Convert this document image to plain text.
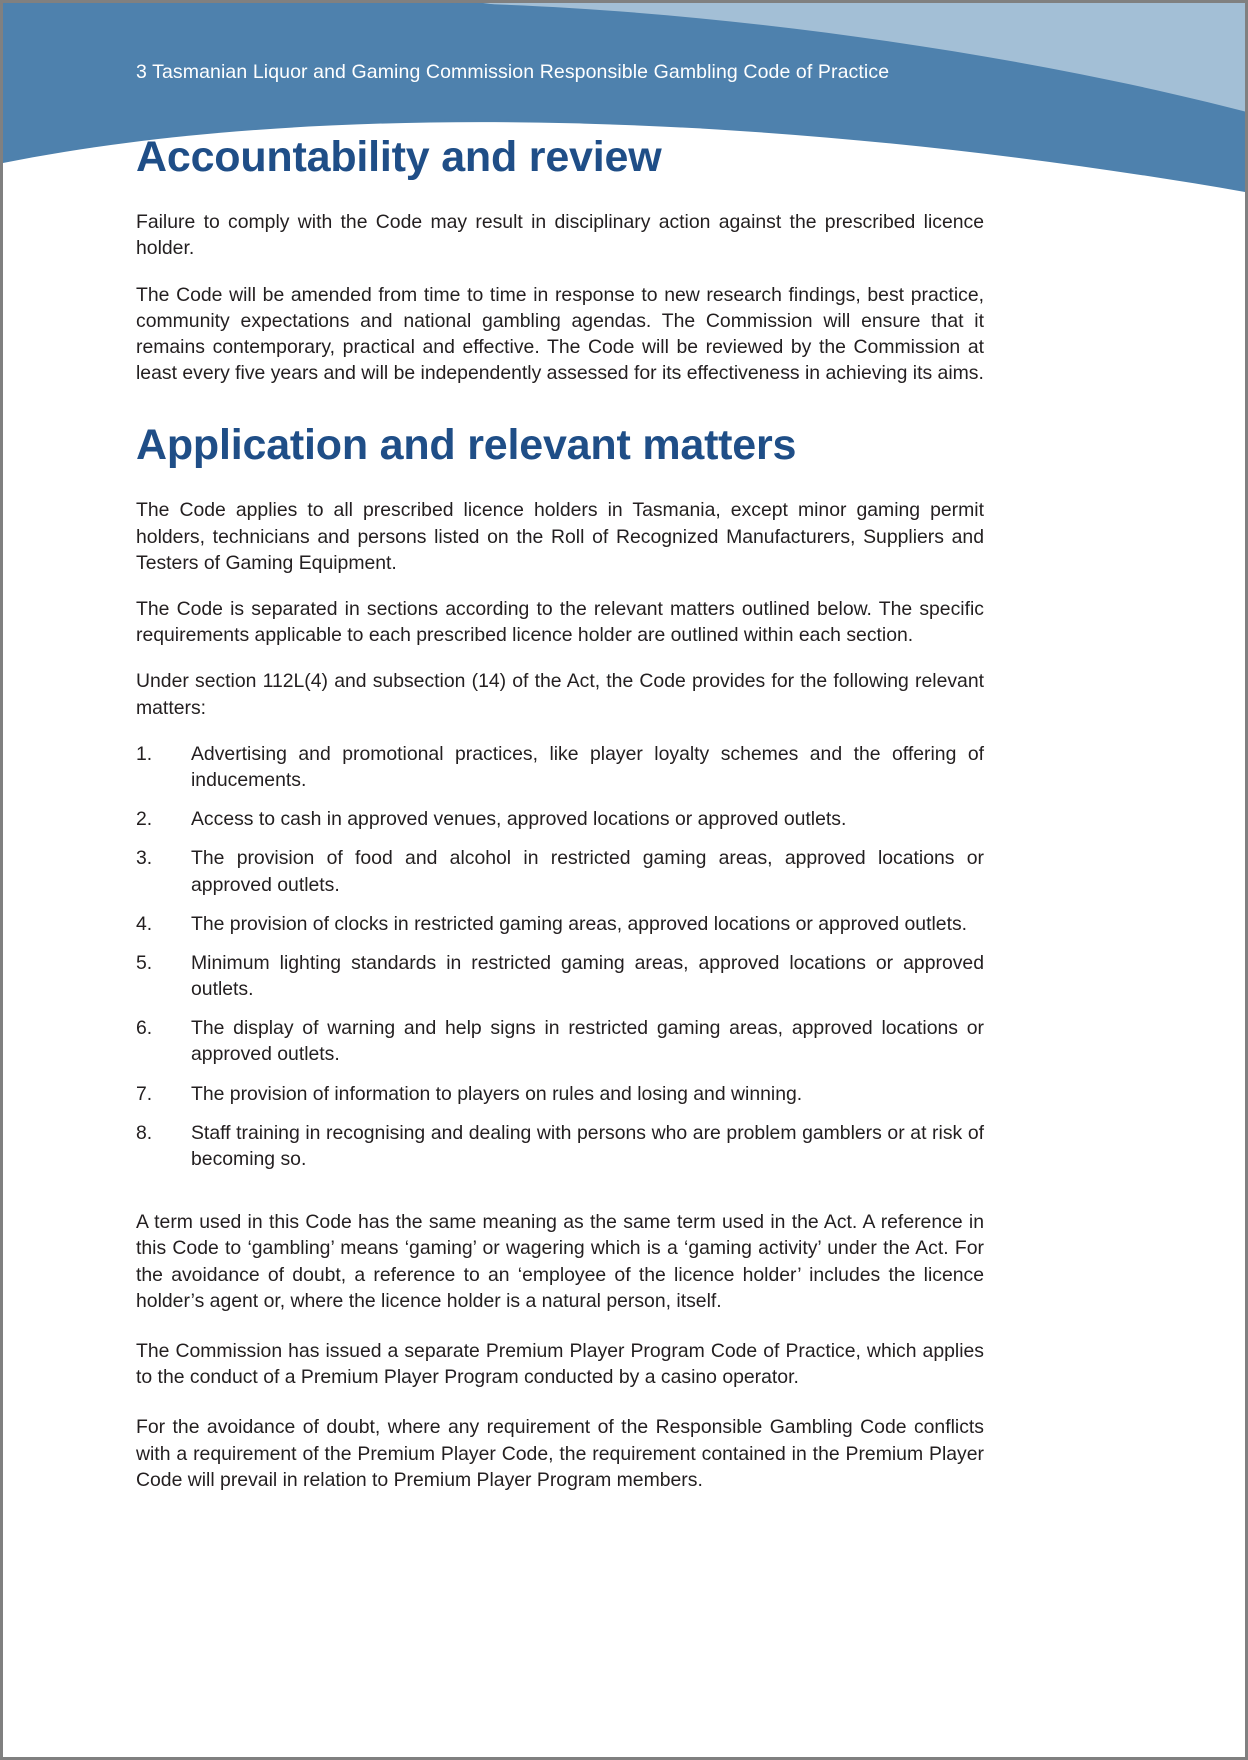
3 Tasmanian Liquor and Gaming Commission Responsible Gambling Code of Practice
Accountability and review

Failure to comply with the Code may result in disciplinary action against the prescribed licence holder.

The Code will be amended from time to time in response to new research findings, best practice, community expectations and national gambling agendas. The Commission will ensure that it remains contemporary, practical and effective. The Code will be reviewed by the Commission at least every five years and will be independently assessed for its effectiveness in achieving its aims.

Application and relevant matters

The Code applies to all prescribed licence holders in Tasmania, except minor gaming permit holders, technicians and persons listed on the Roll of Recognized Manufacturers, Suppliers and Testers of Gaming Equipment.

The Code is separated in sections according to the relevant matters outlined below. The specific requirements applicable to each prescribed licence holder are outlined within each section.

Under section 112L(4) and subsection (14) of the Act, the Code provides for the following relevant matters:

1.	Advertising and promotional practices, like player loyalty schemes and the offering of inducements.
2.	Access to cash in approved venues, approved locations or approved outlets.
3.	The provision of food and alcohol in restricted gaming areas, approved locations or approved outlets.
4.	The provision of clocks in restricted gaming areas, approved locations or approved outlets.
5.	Minimum lighting standards in restricted gaming areas, approved locations or approved outlets.
6.	The display of warning and help signs in restricted gaming areas, approved locations or approved outlets.
7.	The provision of information to players on rules and losing and winning.
8.	Staff training in recognising and dealing with persons who are problem gamblers or at risk of becoming so.

A term used in this Code has the same meaning as the same term used in the Act. A reference in this Code to ‘gambling’ means ‘gaming’ or wagering which is a ‘gaming activity’ under the Act. For the avoidance of doubt, a reference to an ‘employee of the licence holder’ includes the licence holder’s agent or, where the licence holder is a natural person, itself.

The Commission has issued a separate Premium Player Program Code of Practice, which applies to the conduct of a Premium Player Program conducted by a casino operator.

For the avoidance of doubt, where any requirement of the Responsible Gambling Code conflicts with a requirement of the Premium Player Code, the requirement contained in the Premium Player Code will prevail in relation to Premium Player Program members.
